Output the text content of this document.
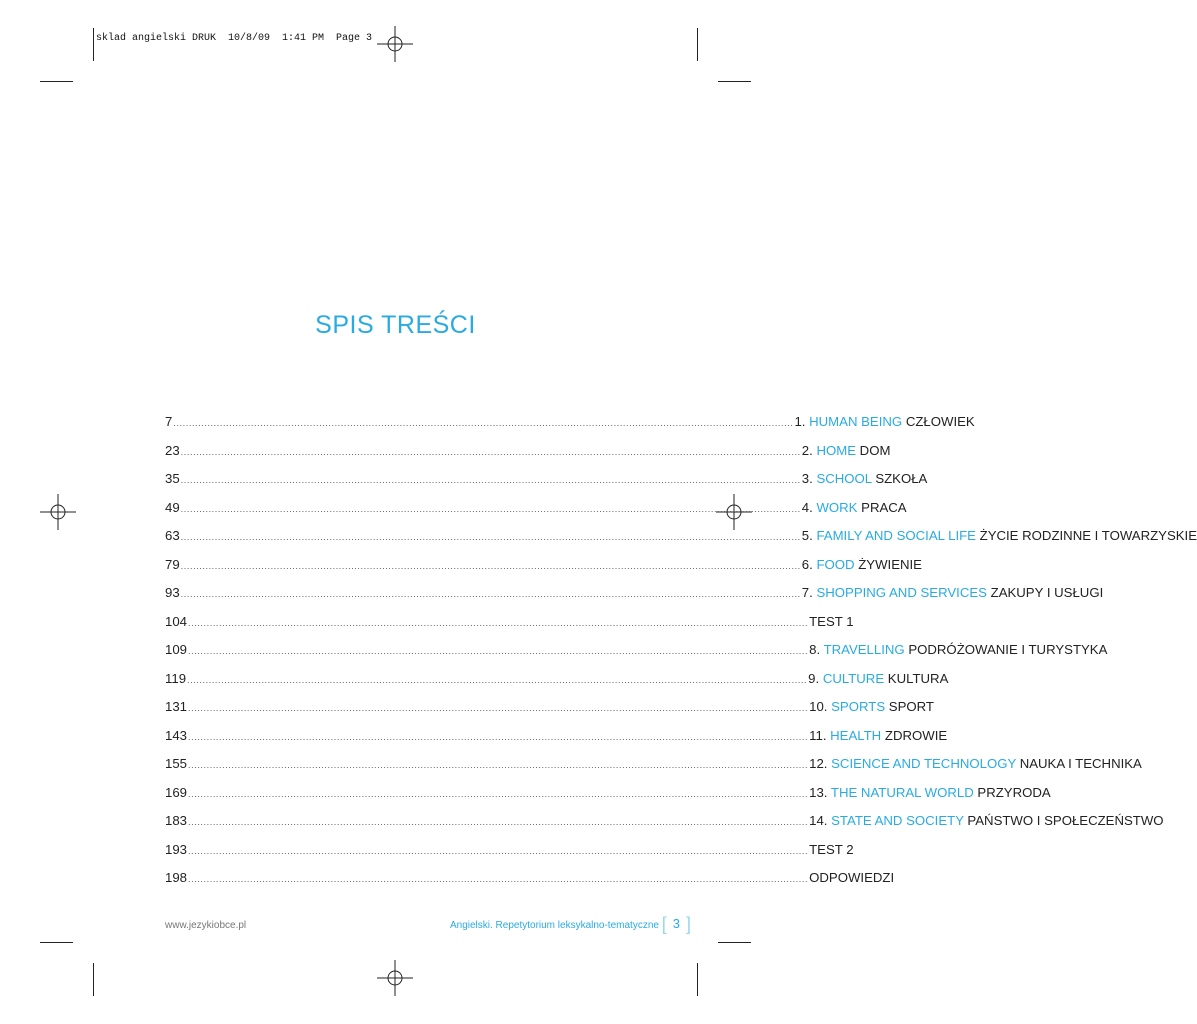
sklad angielski DRUK  10/8/09  1:41 PM  Page 3
SPIS TREŚCI
7 ........................................................................................................................................................................................................ 1. HUMAN BEING CZŁOWIEK
23 ........................................................................................................................................................................................................ 2. HOME DOM
35 ........................................................................................................................................................................................................ 3. SCHOOL SZKOŁA
49 ........................................................................................................................................................................................................ 4. WORK PRACA
63 ........................................................................................................................................................................................................ 5. FAMILY AND SOCIAL LIFE ŻYCIE RODZINNE I TOWARZYSKIE
79 ........................................................................................................................................................................................................ 6. FOOD ŻYWIENIE
93 ........................................................................................................................................................................................................ 7. SHOPPING AND SERVICES ZAKUPY I USŁUGI
104 ........................................................................................................................................................................................................ TEST 1
109 ........................................................................................................................................................................................................ 8. TRAVELLING PODRÓŻOWANIE I TURYSTYKA
119 ........................................................................................................................................................................................................ 9. CULTURE KULTURA
131 ........................................................................................................................................................................................................ 10. SPORTS SPORT
143 ........................................................................................................................................................................................................ 11. HEALTH ZDROWIE
155 ........................................................................................................................................................................................................ 12. SCIENCE AND TECHNOLOGY NAUKA I TECHNIKA
169 ........................................................................................................................................................................................................ 13. THE NATURAL WORLD PRZYRODA
183 ........................................................................................................................................................................................................ 14. STATE AND SOCIETY PAŃSTWO I SPOŁECZEŃSTWO
193 ........................................................................................................................................................................................................ TEST 2
198 ........................................................................................................................................................................................................ ODPOWIEDZI
www.jezykiobce.pl	Angielski. Repetytorium leksykalno-tematyczne [ 3 ]
